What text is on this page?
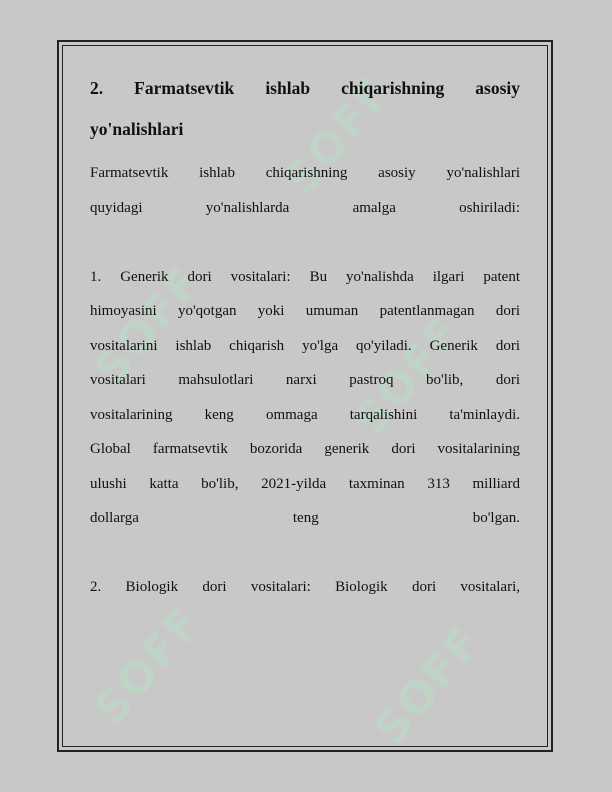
SOFF
SOFF	SOFF
SOFF	SOFF
2. Farmatsevtik ishlab chiqarishning asosiy
yo'nalishlari

Farmatsevtik ishlab chiqarishning asosiy yo'nalishlari

quyidagi yo'nalishlarda amalga oshiriladi:

1. Generik dori vositalari: Bu yo'nalishda ilgari patent

himoyasini yo'qotgan yoki umuman patentlanmagan dori

vositalarini ishlab chiqarish yo'lga qo'yiladi. Generik dori

vositalari mahsulotlari narxi pastroq bo'lib, dori

vositalarining keng ommaga tarqalishini ta'minlaydi.

Global farmatsevtik bozorida generik dori vositalarining

ulushi katta bo'lib, 2021-yilda taxminan 313 milliard

dollarga teng bo'lgan.

2. Biologik dori vositalari: Biologik dori vositalari,
